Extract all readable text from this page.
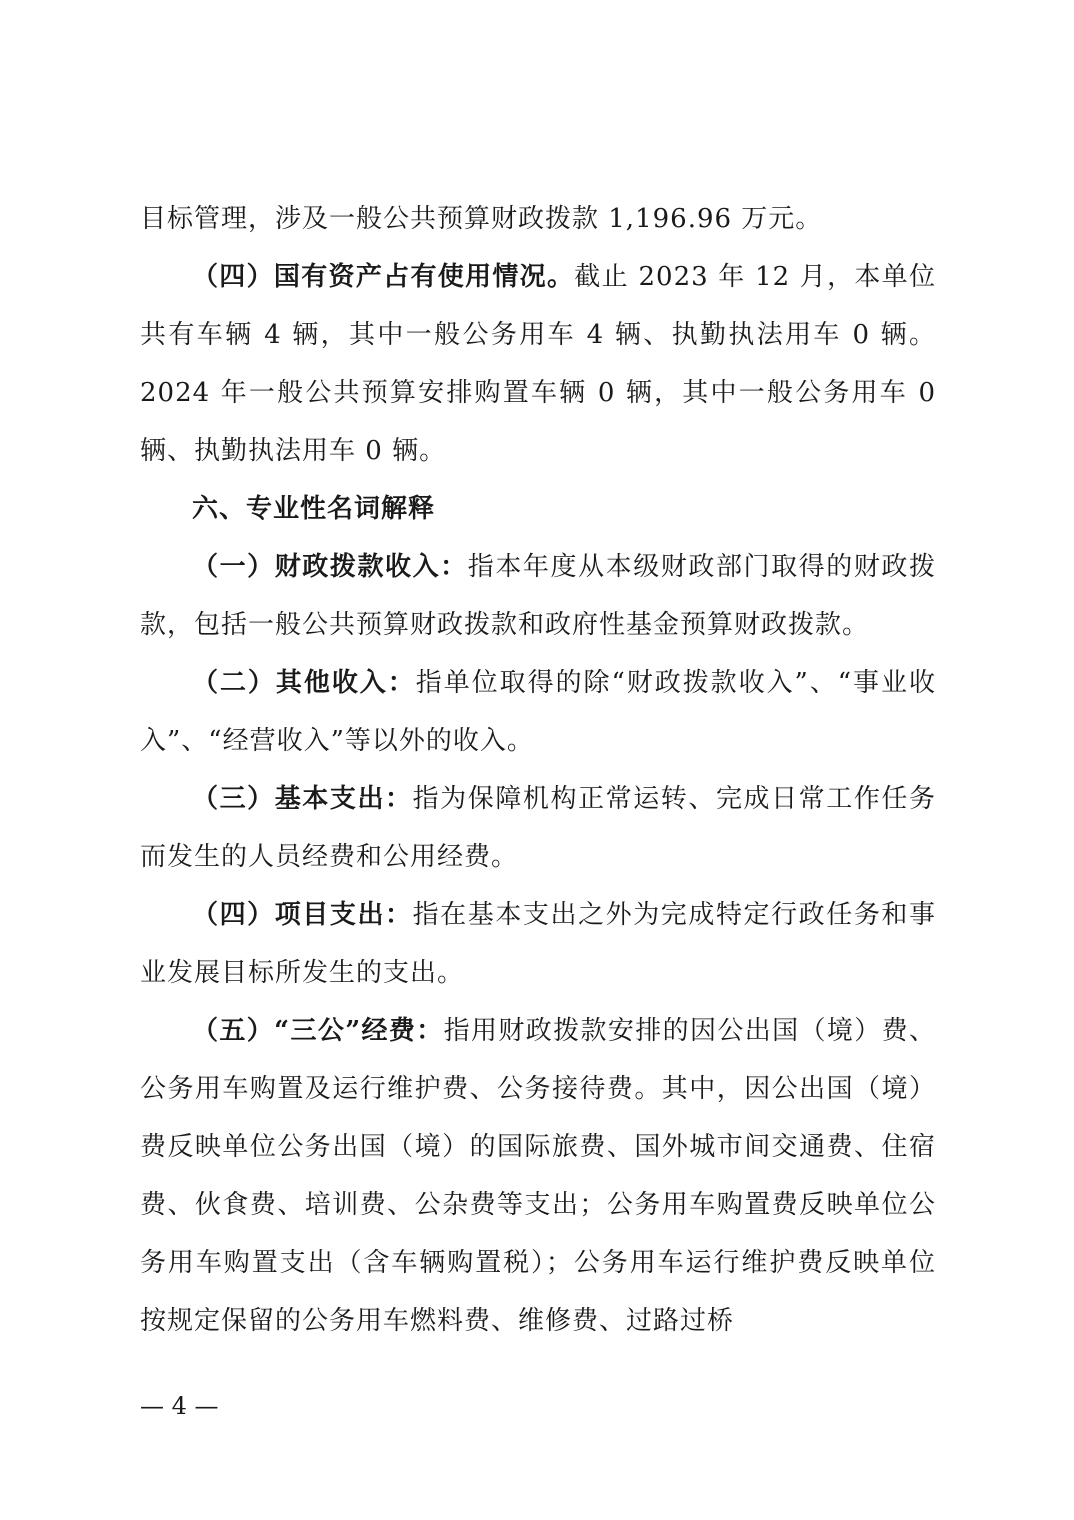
目标管理，涉及一般公共预算财政拨款 1,196.96 万元。

（四）国有资产占有使用情况。截止 2023 年 12 月，本单位共有车辆 4 辆，其中一般公务用车 4 辆、执勤执法用车 0 辆。2024 年一般公共预算安排购置车辆 0 辆，其中一般公务用车 0 辆、执勤执法用车 0 辆。

六、专业性名词解释

（一）财政拨款收入：指本年度从本级财政部门取得的财政拨款，包括一般公共预算财政拨款和政府性基金预算财政拨款。

（二）其他收入：指单位取得的除“财政拨款收入”、“事业收入”、“经营收入”等以外的收入。

（三）基本支出：指为保障机构正常运转、完成日常工作任务而发生的人员经费和公用经费。

（四）项目支出：指在基本支出之外为完成特定行政任务和事业发展目标所发生的支出。

（五）“三公”经费：指用财政拨款安排的因公出国（境）费、公务用车购置及运行维护费、公务接待费。其中，因公出国（境）费反映单位公务出国（境）的国际旅费、国外城市间交通费、住宿费、伙食费、培训费、公杂费等支出；公务用车购置费反映单位公务用车购置支出（含车辆购置税）；公务用车运行维护费反映单位按规定保留的公务用车燃料费、维修费、过路过桥

— 4 —
